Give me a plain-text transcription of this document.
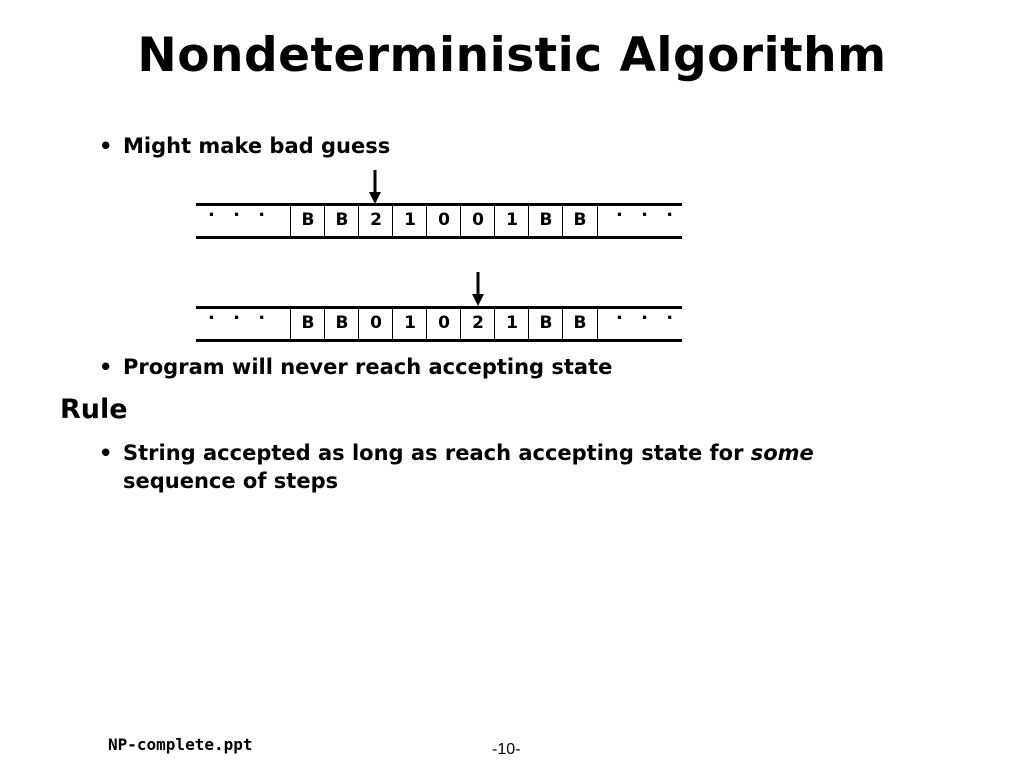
Nondeterministic Algorithm
• Might make bad guess
. . .	B	B	2	1	0	0	1	B	B	. . .
. . .	B	B	0	1	0	2	1	B	B	. . .
• Program will never reach accepting state
Rule
• String accepted as long as reach accepting state for some
sequence of steps
NP-complete.ppt	-10-
